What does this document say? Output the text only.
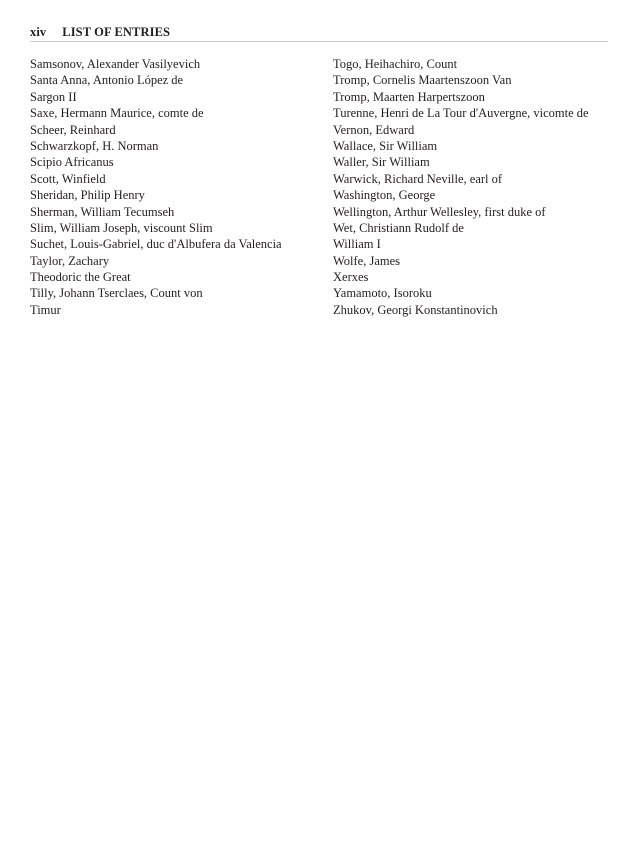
xiv LIST OF ENTRIES
Samsonov, Alexander Vasilyevich
Santa Anna, Antonio López de
Sargon II
Saxe, Hermann Maurice, comte de
Scheer, Reinhard
Schwarzkopf, H. Norman
Scipio Africanus
Scott, Winfield
Sheridan, Philip Henry
Sherman, William Tecumseh
Slim, William Joseph, viscount Slim
Suchet, Louis-Gabriel, duc d'Albufera da Valencia
Taylor, Zachary
Theodoric the Great
Tilly, Johann Tserclaes, Count von
Timur
Togo, Heihachiro, Count
Tromp, Cornelis Maartenszoon Van
Tromp, Maarten Harpertszoon
Turenne, Henri de La Tour d'Auvergne, vicomte de
Vernon, Edward
Wallace, Sir William
Waller, Sir William
Warwick, Richard Neville, earl of
Washington, George
Wellington, Arthur Wellesley, first duke of
Wet, Christiann Rudolf de
William I
Wolfe, James
Xerxes
Yamamoto, Isoroku
Zhukov, Georgi Konstantinovich
